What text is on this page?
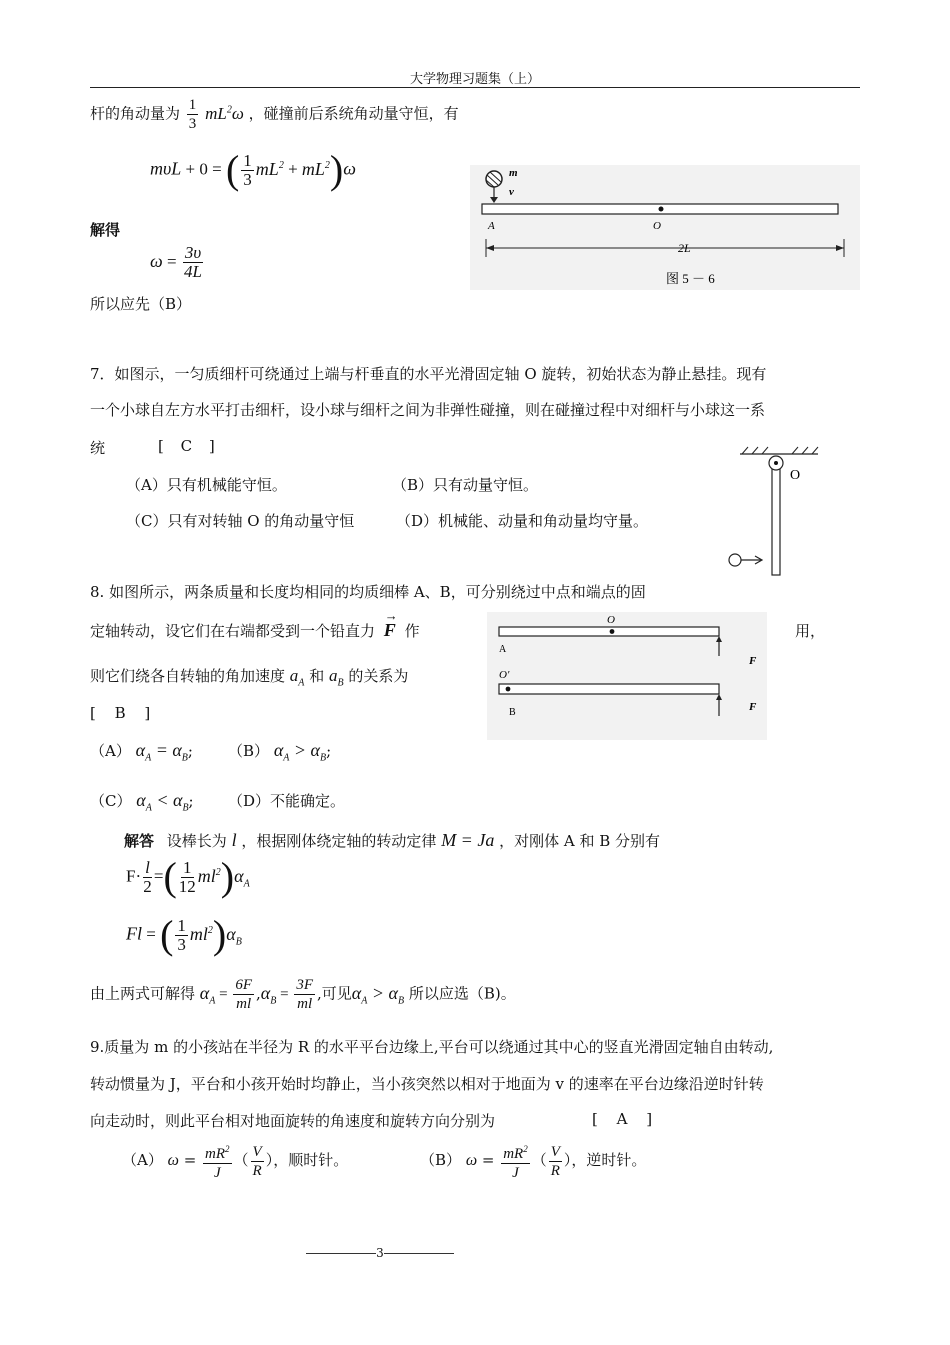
大学物理习题集（上）
杆的角动量为 $\frac{1}{3} mL^2\omega$ ，碰撞前后系统角动量守恒，有
mυL + 0 = ( $\frac{1}{3} mL^2 + mL^2)\omega$
解得
$\omega = \frac{3\upsilon}{4L}$
所以应先（B）
m
v
A	O
2L
图 5 － 6
7．如图示，一匀质细杆可绕通过上端与杆垂直的水平光滑固定轴 O 旋转，初始状态为静止悬挂。现有
一个小球自左方水平打击细杆，设小球与细杆之间为非弹性碰撞，则在碰撞过程中对细杆与小球这一系
统	[ C ]
（A）只有机械能守恒。	（B）只有动量守恒。
（C）只有对转轴 O 的角动量守恒	（D）机械能、动量和角动量均守量。
O
8. 如图所示，两条质量和长度均相同的均质细棒 A、B，可分别绕过中点和端点的固
定轴转动，设它们在右端都受到一个铅直力
→
F 作	用，
则它们绕各自转轴的角加速度 $a_A$ 和 $a_B$ 的关系为
[ B ]
（A） $\alpha_A = \alpha_B$; （B） $\alpha_A > \alpha_B$;
（C） $\alpha_A < \alpha_B$; （D）不能确定。
O
A
F
O′
B	F
解答 设棒长为 l ，根据刚体绕定轴的转动定律 M = Ja ，对刚体 A 和 B 分别有
$F\cdot \frac{l}{2}$ =( $\frac{1}{12} ml^2)\alpha_A$
Fl = ( $\frac{1}{3} ml^2)\alpha_B$
由上两式可解得 $\alpha_A = \frac{6F}{ml} ,\alpha_B = \frac{3F}{ml}$ ,可见$\alpha_A > \alpha_B$ 所以应选（B)。
9.质量为 m 的小孩站在半径为 R 的水平平台边缘上,平台可以绕通过其中心的竖直光滑固定轴自由转动,
转动惯量为 J，平台和小孩开始时均静止，当小孩突然以相对于地面为 v 的速率在平台边缘沿逆时针转
向走动时，则此平台相对地面旋转的角速度和旋转方向分别为	[ A ]
（A） $\omega = \frac{mR^2}{J}$ （ $\frac{V}{R}$ ），顺时针。	（B） $\omega = \frac{mR^2}{J}$ （ $\frac{V}{R}$ ），逆时针。
3
